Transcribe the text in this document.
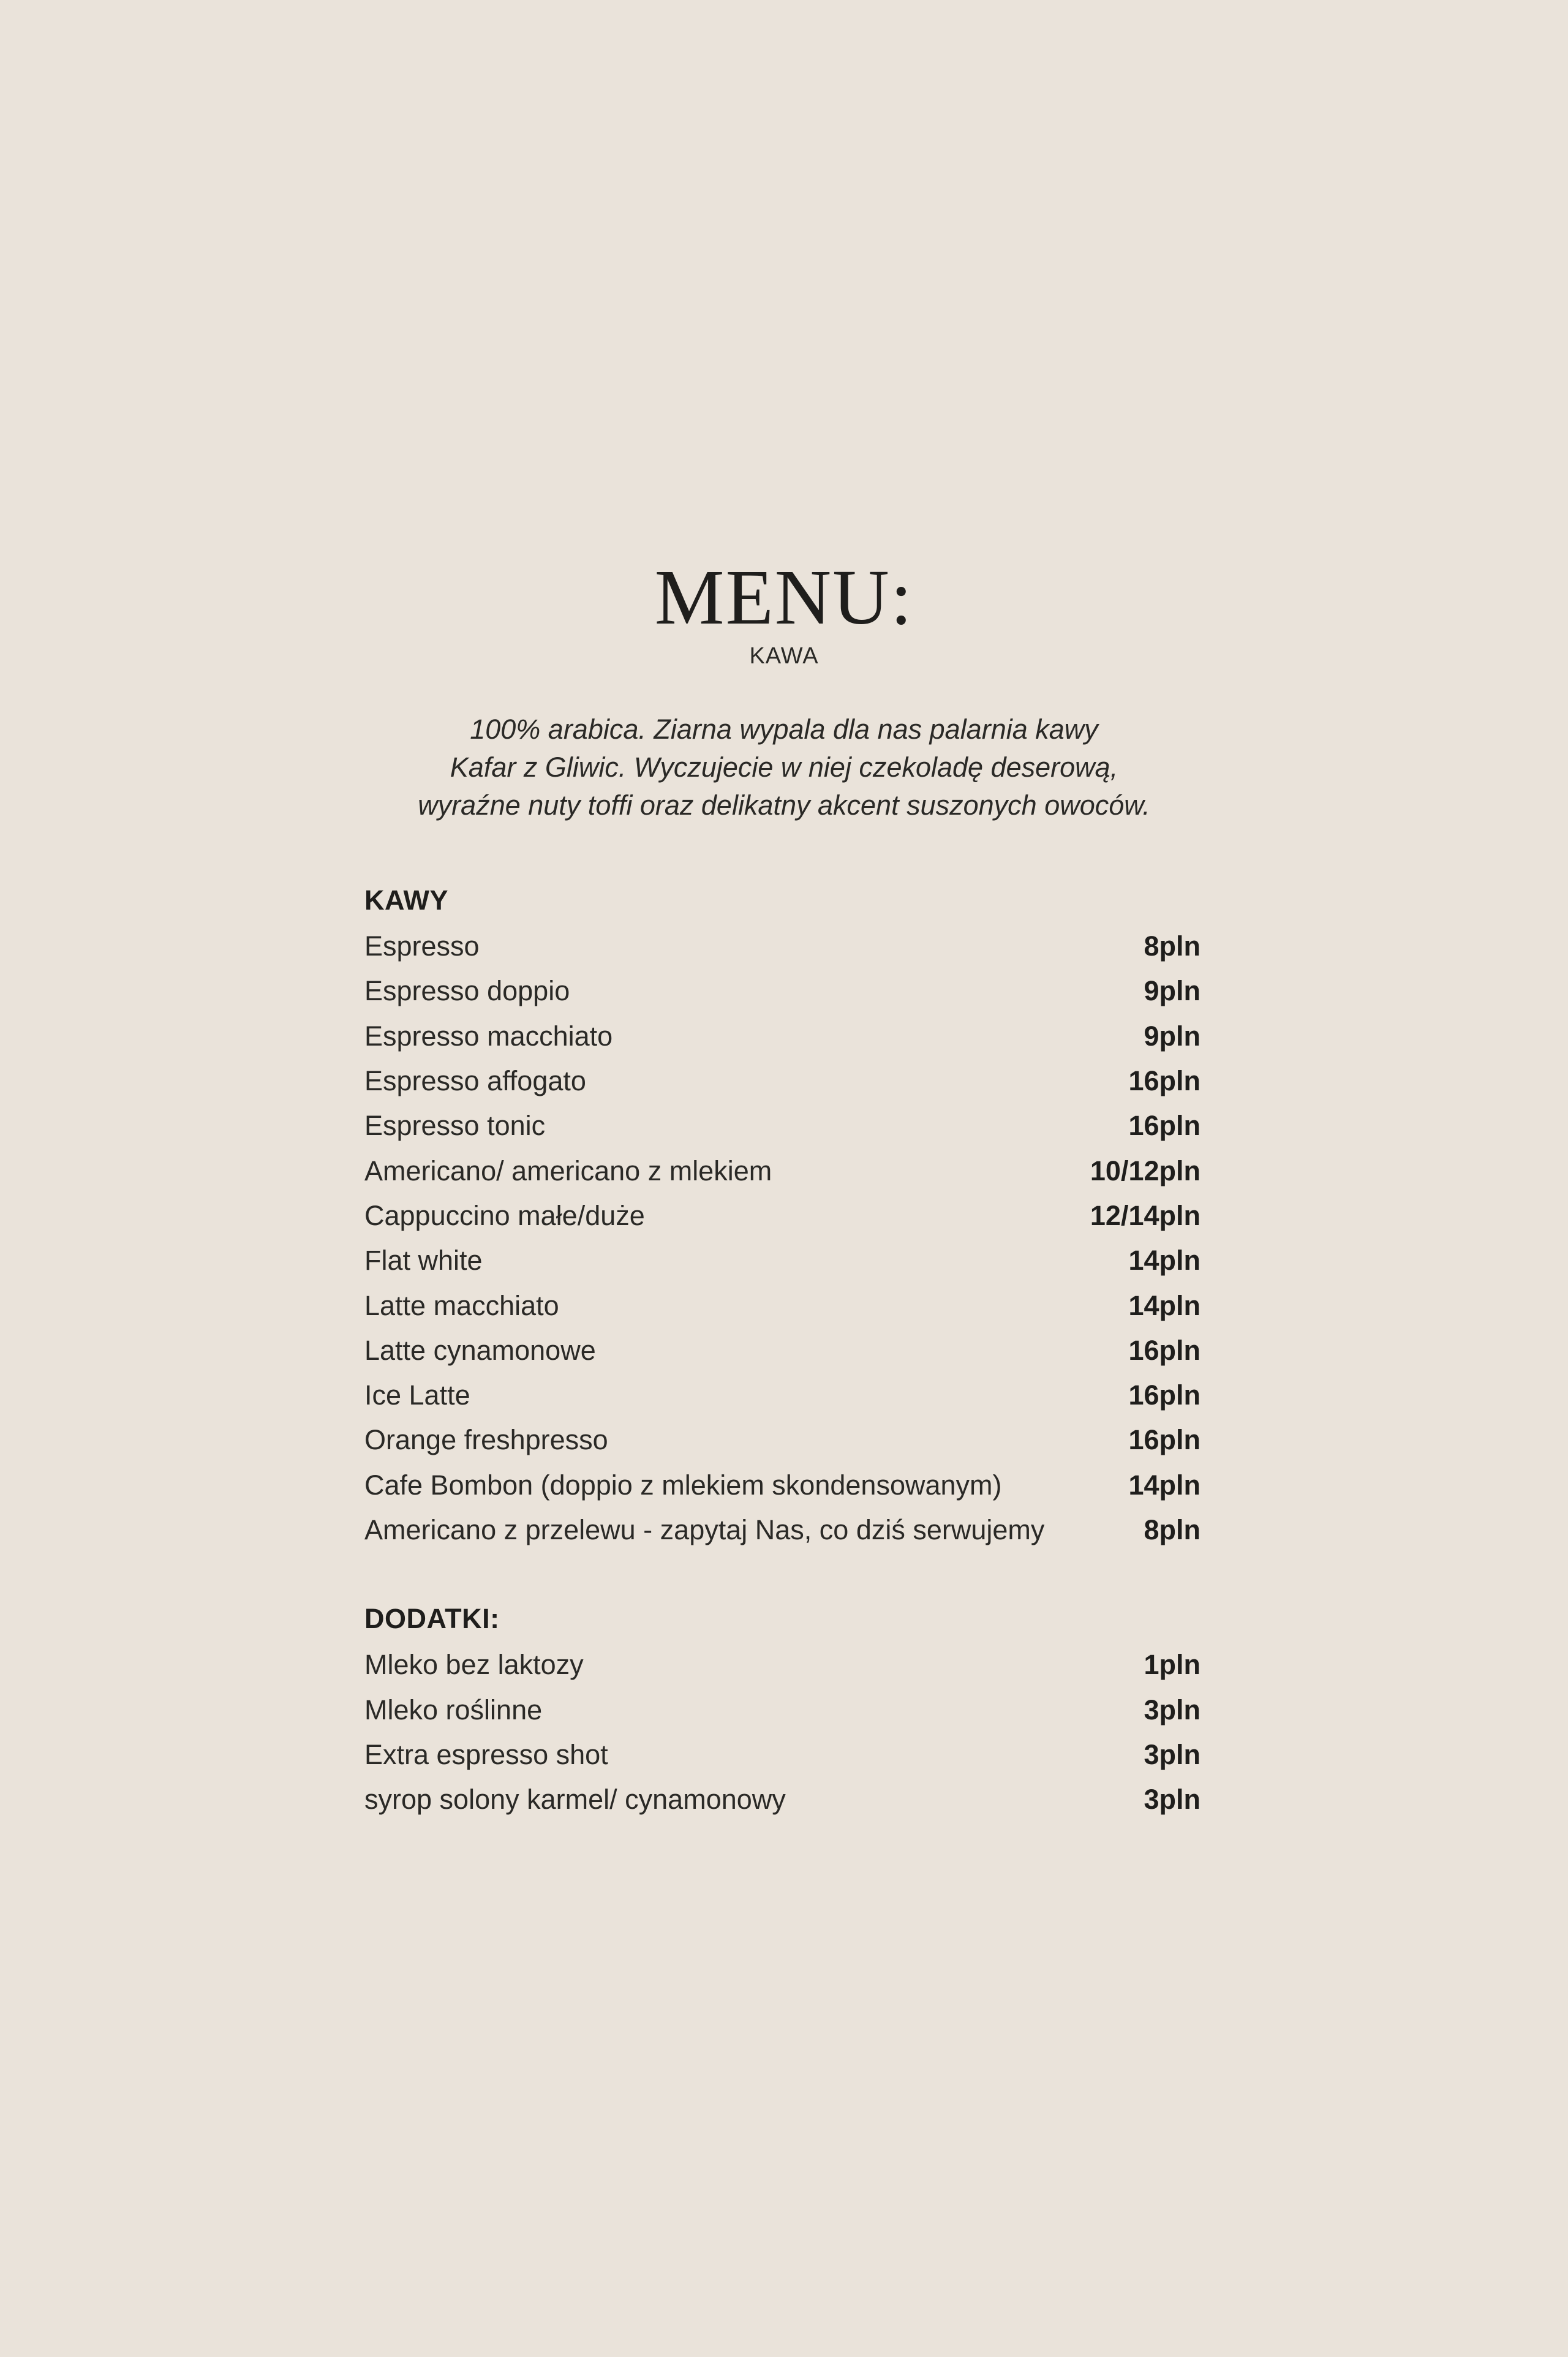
MENU:
KAWA
100% arabica. Ziarna wypala dla nas palarnia kawy
Kafar z Gliwic. Wyczujecie w niej czekoladę deserową,
wyraźne nuty toffi oraz delikatny akcent suszonych owoców.
KAWY
Espresso	8pln
Espresso doppio	9pln
Espresso macchiato	9pln
Espresso affogato	16pln
Espresso tonic	16pln
Americano/ americano z mlekiem	10/12pln
Cappuccino małe/duże	12/14pln
Flat white	14pln
Latte macchiato	14pln
Latte cynamonowe	16pln
Ice Latte	16pln
Orange freshpresso	16pln
Cafe Bombon (doppio z mlekiem skondensowanym)	14pln
Americano z przelewu - zapytaj Nas, co dziś serwujemy	8pln
DODATKI:
Mleko bez laktozy	1pln
Mleko roślinne	3pln
Extra espresso shot	3pln
syrop solony karmel/ cynamonowy	3pln
